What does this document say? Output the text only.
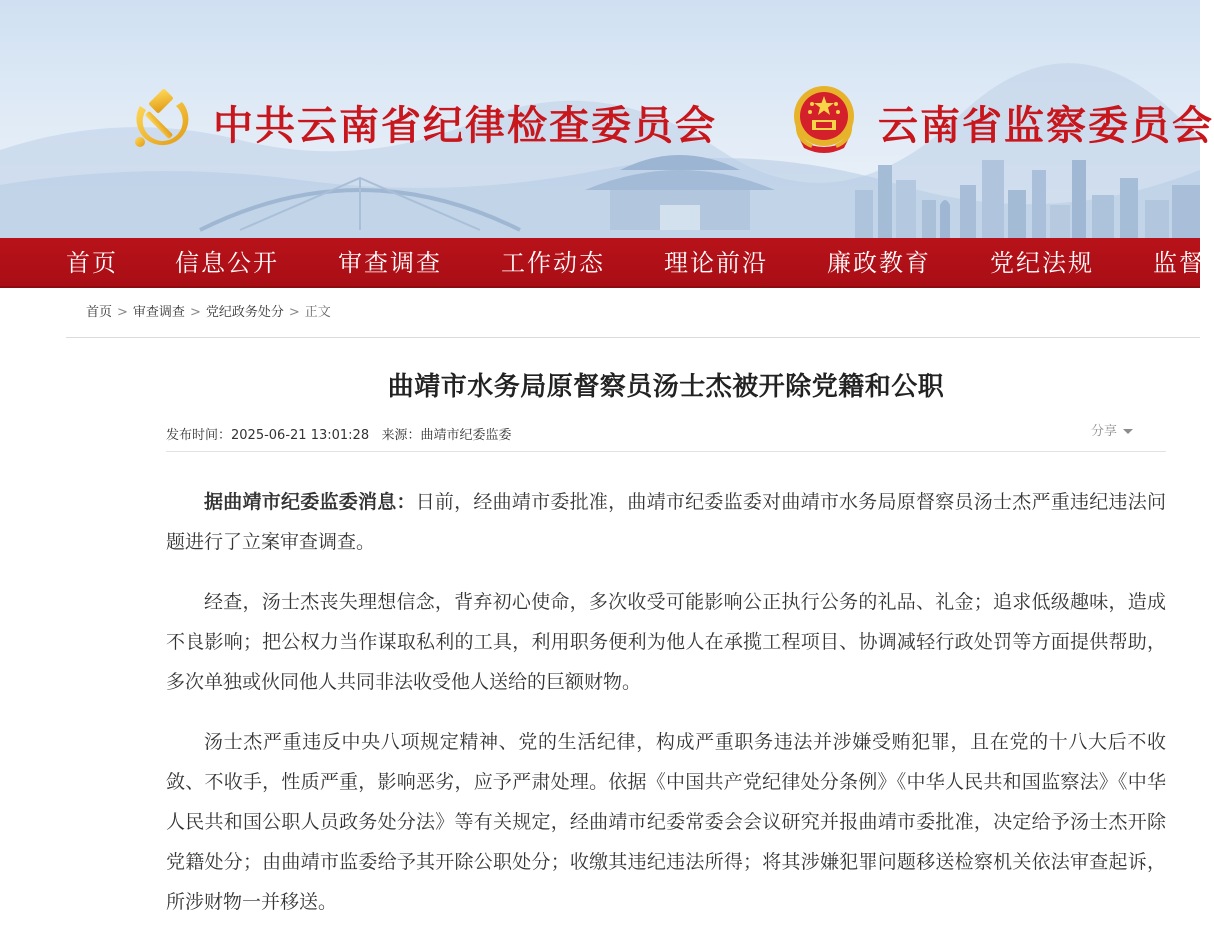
中共云南省纪律检查委员会	云南省监察委员会
首页 信息公开 审查调查 工作动态 理论前沿 廉政教育 党纪法规 监督
首页 > 审查调查 > 党纪政务处分 > 正文
曲靖市水务局原督察员汤士杰被开除党籍和公职
发布时间：2025-06-21 13:01:28 来源：曲靖市纪委监委	分享

据曲靖市纪委监委消息：日前，经曲靖市委批准，曲靖市纪委监委对曲靖市水务局原督察员汤士杰严重违纪违法问题进行了立案审查调查。

经查，汤士杰丧失理想信念，背弃初心使命，多次收受可能影响公正执行公务的礼品、礼金；追求低级趣味，造成不良影响；把公权力当作谋取私利的工具，利用职务便利为他人在承揽工程项目、协调减轻行政处罚等方面提供帮助，多次单独或伙同他人共同非法收受他人送给的巨额财物。

汤士杰严重违反中央八项规定精神、党的生活纪律，构成严重职务违法并涉嫌受贿犯罪，且在党的十八大后不收敛、不收手，性质严重，影响恶劣，应予严肃处理。依据《中国共产党纪律处分条例》《中华人民共和国监察法》《中华人民共和国公职人员政务处分法》等有关规定，经曲靖市纪委常委会会议研究并报曲靖市委批准，决定给予汤士杰开除党籍处分；由曲靖市监委给予其开除公职处分；收缴其违纪违法所得；将其涉嫌犯罪问题移送检察机关依法审查起诉，所涉财物一并移送。
